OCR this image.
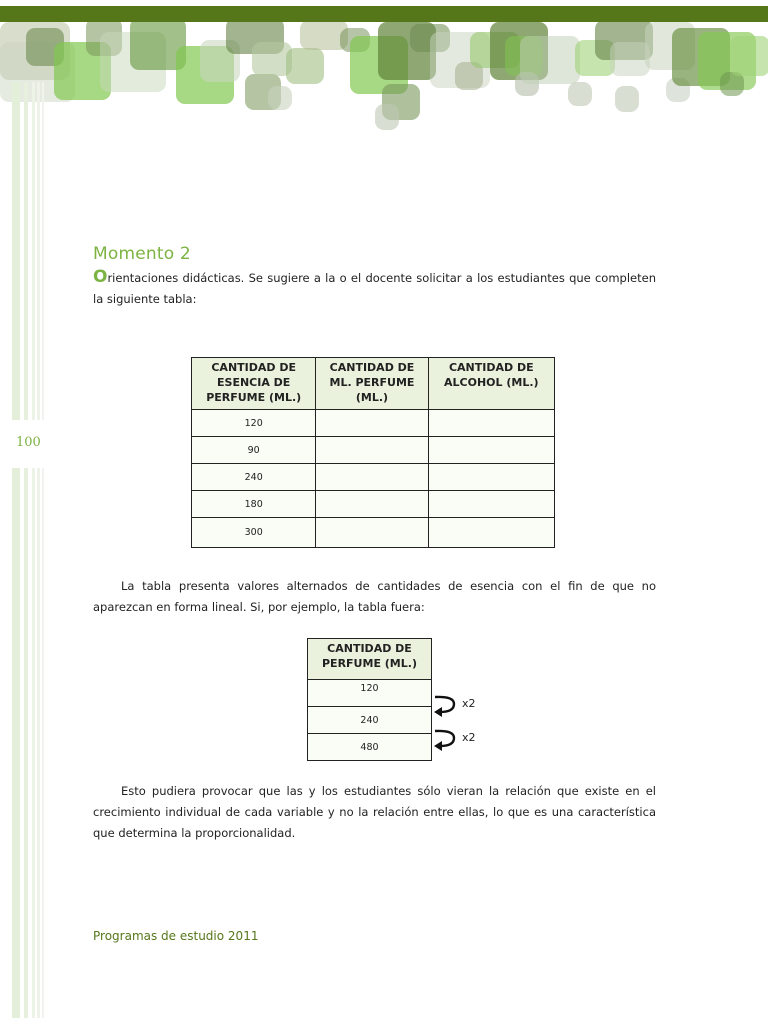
100
Momento 2
Orientaciones didácticas. Se sugiere a la o el docente solicitar a los estudiantes que completen la siguiente tabla:
CANTIDAD DE ESENCIA DE PERFUME (ML.)	CANTIDAD DE ML. PERFUME (ML.)	CANTIDAD DE ALCOHOL (ML.)
120		
90		
240		
180		
300		
La tabla presenta valores alternados de cantidades de esencia con el fin de que no aparezcan en forma lineal. Si, por ejemplo, la tabla fuera:
CANTIDAD DE PERFUME (ML.)
120
240
480
x2
x2
Esto pudiera provocar que las y los estudiantes sólo vieran la relación que existe en el crecimiento individual de cada variable y no la relación entre ellas, lo que es una característica que determina la proporcionalidad.
Programas de estudio 2011
